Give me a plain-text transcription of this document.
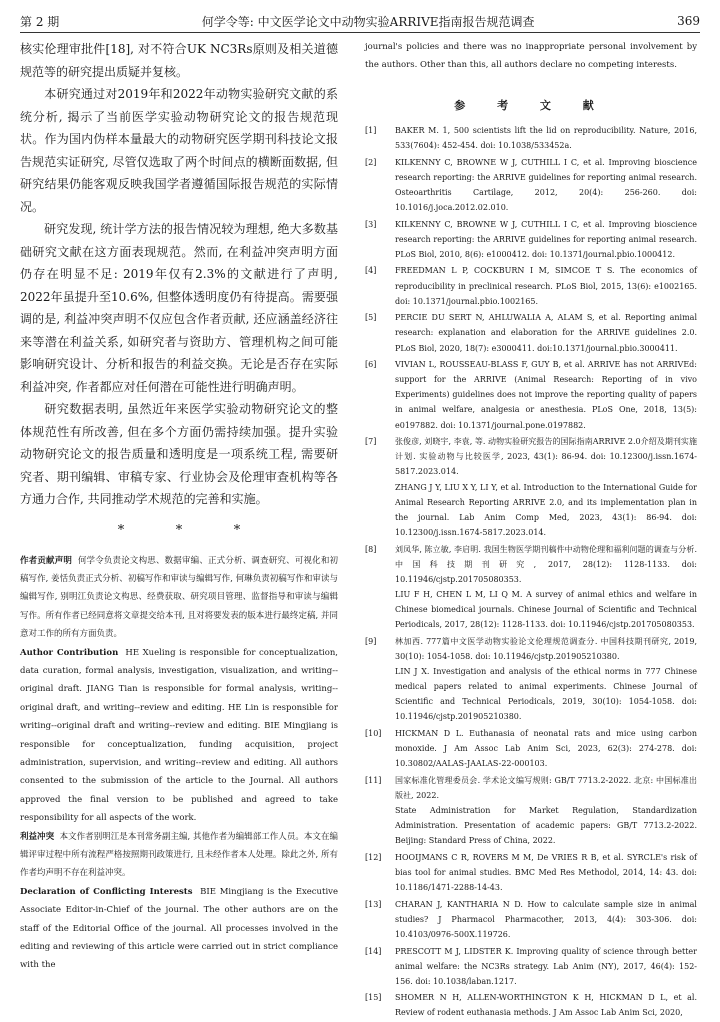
第 2 期	何学令等: 中文医学论文中动物实验ARRIVE指南报告规范调查	369

核实伦理审批件[18], 对不符合UK NC3Rs原则及相关道德规范等的研究提出质疑并复核。

本研究通过对2019年和2022年动物实验研究文献的系统分析, 揭示了当前医学实验动物研究论文的报告规范现状。作为国内伪样本量最大的动物研究医学期刊科技论文报告规范实证研究, 尽管仅选取了两个时间点的横断面数据, 但研究结果仍能客观反映我国学者遵循国际报告规范的实际情况。

研究发现, 统计学方法的报告情况较为理想, 绝大多数基础研究文献在这方面表现规范。然而, 在利益冲突声明方面仍存在明显不足: 2019年仅有2.3%的文献进行了声明, 2022年虽提升至10.6%, 但整体透明度仍有待提高。需要强调的是, 利益冲突声明不仅应包含作者贡献, 还应涵盖经济往来等潜在利益关系, 如研究者与资助方、管理机构之间可能影响研究设计、分析和报告的利益交换。无论是否存在实际利益冲突, 作者都应对任何潜在可能性进行明确声明。

研究数据表明, 虽然近年来医学实验动物研究论文的整体规范性有所改善, 但在多个方面仍需持续加强。提升实验动物研究论文的报告质量和透明度是一项系统工程, 需要研究者、期刊编辑、审稿专家、行业协会及伦理审查机构等各方通力合作, 共同推动学术规范的完善和实施。

*	*	*

作者贡献声明 何学令负责论文构思、数据审编、正式分析、调查研究、可视化和初稿写作, 姜恬负责正式分析、初稿写作和审读与编辑写作, 何琳负责初稿写作和审读与编辑写作, 别明江负责论文构思、经费获取、研究项目管理、监督指导和审读与编辑写作。所有作者已经同意将文章提交给本刊, 且对将要发表的版本进行最终定稿, 并同意对工作的所有方面负责。

Author Contribution HE Xueling is responsible for conceptualization, data curation, formal analysis, investigation, visualization, and writing--original draft. JIANG Tian is responsible for formal analysis, writing--original draft, and writing--review and editing. HE Lin is responsible for writing--original draft and writing--review and editing. BIE Mingjiang is responsible for conceptualization, funding acquisition, project administration, supervision, and writing--review and editing. All authors consented to the submission of the article to the Journal. All authors approved the final version to be published and agreed to take responsibility for all aspects of the work.

利益冲突 本文作者别明江是本刊常务副主编, 其他作者为编辑部工作人员。本文在编辑评审过程中所有流程严格按照期刊政策进行, 且未经作者本人处理。除此之外, 所有作者均声明不存在利益冲突。

Declaration of Conflicting Interests BIE Mingjiang is the Executive Associate Editor-in-Chief of the journal. The other authors are on the staff of the Editorial Office of the journal. All processes involved in the editing and reviewing of this article were carried out in strict compliance with the

journal's policies and there was no inappropriate personal involvement by the authors. Other than this, all authors declare no competing interests.

参 考 文 献
[1]	BAKER M. 1, 500 scientists lift the lid on reproducibility. Nature, 2016, 533(7604): 452-454. doi: 10.1038/533452a.

[2]	KILKENNY C, BROWNE W J, CUTHILL I C, et al. Improving bioscience research reporting: the ARRIVE guidelines for reporting animal research. Osteoarthritis Cartilage, 2012, 20(4): 256-260. doi: 10.1016/j.joca.2012.02.010.

[3]	KILKENNY C, BROWNE W J, CUTHILL I C, et al. Improving bioscience research reporting: the ARRIVE guidelines for reporting animal research. PLoS Biol, 2010, 8(6): e1000412. doi: 10.1371/journal.pbio.1000412.

[4]	FREEDMAN L P, COCKBURN I M, SIMCOE T S. The economics of reproducibility in preclinical research. PLoS Biol, 2015, 13(6): e1002165. doi: 10.1371/journal.pbio.1002165.

[5]	PERCIE DU SERT N, AHLUWALIA A, ALAM S, et al. Reporting animal research: explanation and elaboration for the ARRIVE guidelines 2.0. PLoS Biol, 2020, 18(7): e3000411. doi:10.1371/journal.pbio.3000411.

[6]	VIVIAN L, ROUSSEAU-BLASS F, GUY B, et al. ARRIVE has not ARRIVEd: support for the ARRIVE (Animal Research: Reporting of in vivo Experiments) guidelines does not improve the reporting quality of papers in animal welfare, analgesia or anesthesia. PLoS One, 2018, 13(5): e0197882. doi: 10.1371/journal.pone.0197882.

[7]	张俊彦, 刘晓宇, 李袁, 等. 动物实验研究报告的国际指南ARRIVE 2.0介绍及期刊实施计划. 实验动物与比较医学, 2023, 43(1): 86-94. doi: 10.12300/j.issn.1674-5817.2023.014.

ZHANG J Y, LIU X Y, LI Y, et al. Introduction to the International Guide for Animal Research Reporting ARRIVE 2.0, and its implementation plan in the journal. Lab Anim Comp Med, 2023, 43(1): 86-94. doi: 10.12300/j.issn.1674-5817.2023.014.

[8]	刘凤华, 陈立敏, 李启明. 我国生物医学期刊稿件中动物伦理和福利问题的调查与分析. 中国科技期刊研究, 2017, 28(12): 1128-1133. doi: 10.11946/cjstp.201705080353.

LIU F H, CHEN L M, LI Q M. A survey of animal ethics and welfare in Chinese biomedical journals. Chinese Journal of Scientific and Technical Periodicals, 2017, 28(12): 1128-1133. doi: 10.11946/cjstp.201705080353.

[9]	林加西. 777篇中文医学动物实验论文伦理规范调查分. 中国科技期刊研究, 2019, 30(10): 1054-1058. doi: 10.11946/cjstp.201905210380.

LIN J X. Investigation and analysis of the ethical norms in 777 Chinese medical papers related to animal experiments. Chinese Journal of Scientific and Technical Periodicals, 2019, 30(10): 1054-1058. doi: 10.11946/cjstp.201905210380.

[10]	HICKMAN D L. Euthanasia of neonatal rats and mice using carbon monoxide. J Am Assoc Lab Anim Sci, 2023, 62(3): 274-278. doi: 10.30802/AALAS-JAALAS-22-000103.

[11]	国家标准化管理委员会. 学术论文编写规则: GB/T 7713.2-2022. 北京: 中国标准出版社, 2022.

State Administration for Market Regulation, Standardization Administration. Presentation of academic papers: GB/T 7713.2-2022. Beijing: Standard Press of China, 2022.

[12]	HOOIJMANS C R, ROVERS M M, De VRIES R B, et al. SYRCLE's risk of bias tool for animal studies. BMC Med Res Methodol, 2014, 14: 43. doi: 10.1186/1471-2288-14-43.

[13]	CHARAN J, KANTHARIA N D. How to calculate sample size in animal studies? J Pharmacol Pharmacother, 2013, 4(4): 303-306. doi: 10.4103/0976-500X.119726.

[14]	PRESCOTT M J, LIDSTER K. Improving quality of science through better animal welfare: the NC3Rs strategy. Lab Anim (NY), 2017, 46(4): 152-156. doi: 10.1038/laban.1217.

[15]	SHOMER N H, ALLEN-WORTHINGTON K H, HICKMAN D L, et al. Review of rodent euthanasia methods. J Am Assoc Lab Anim Sci, 2020,
